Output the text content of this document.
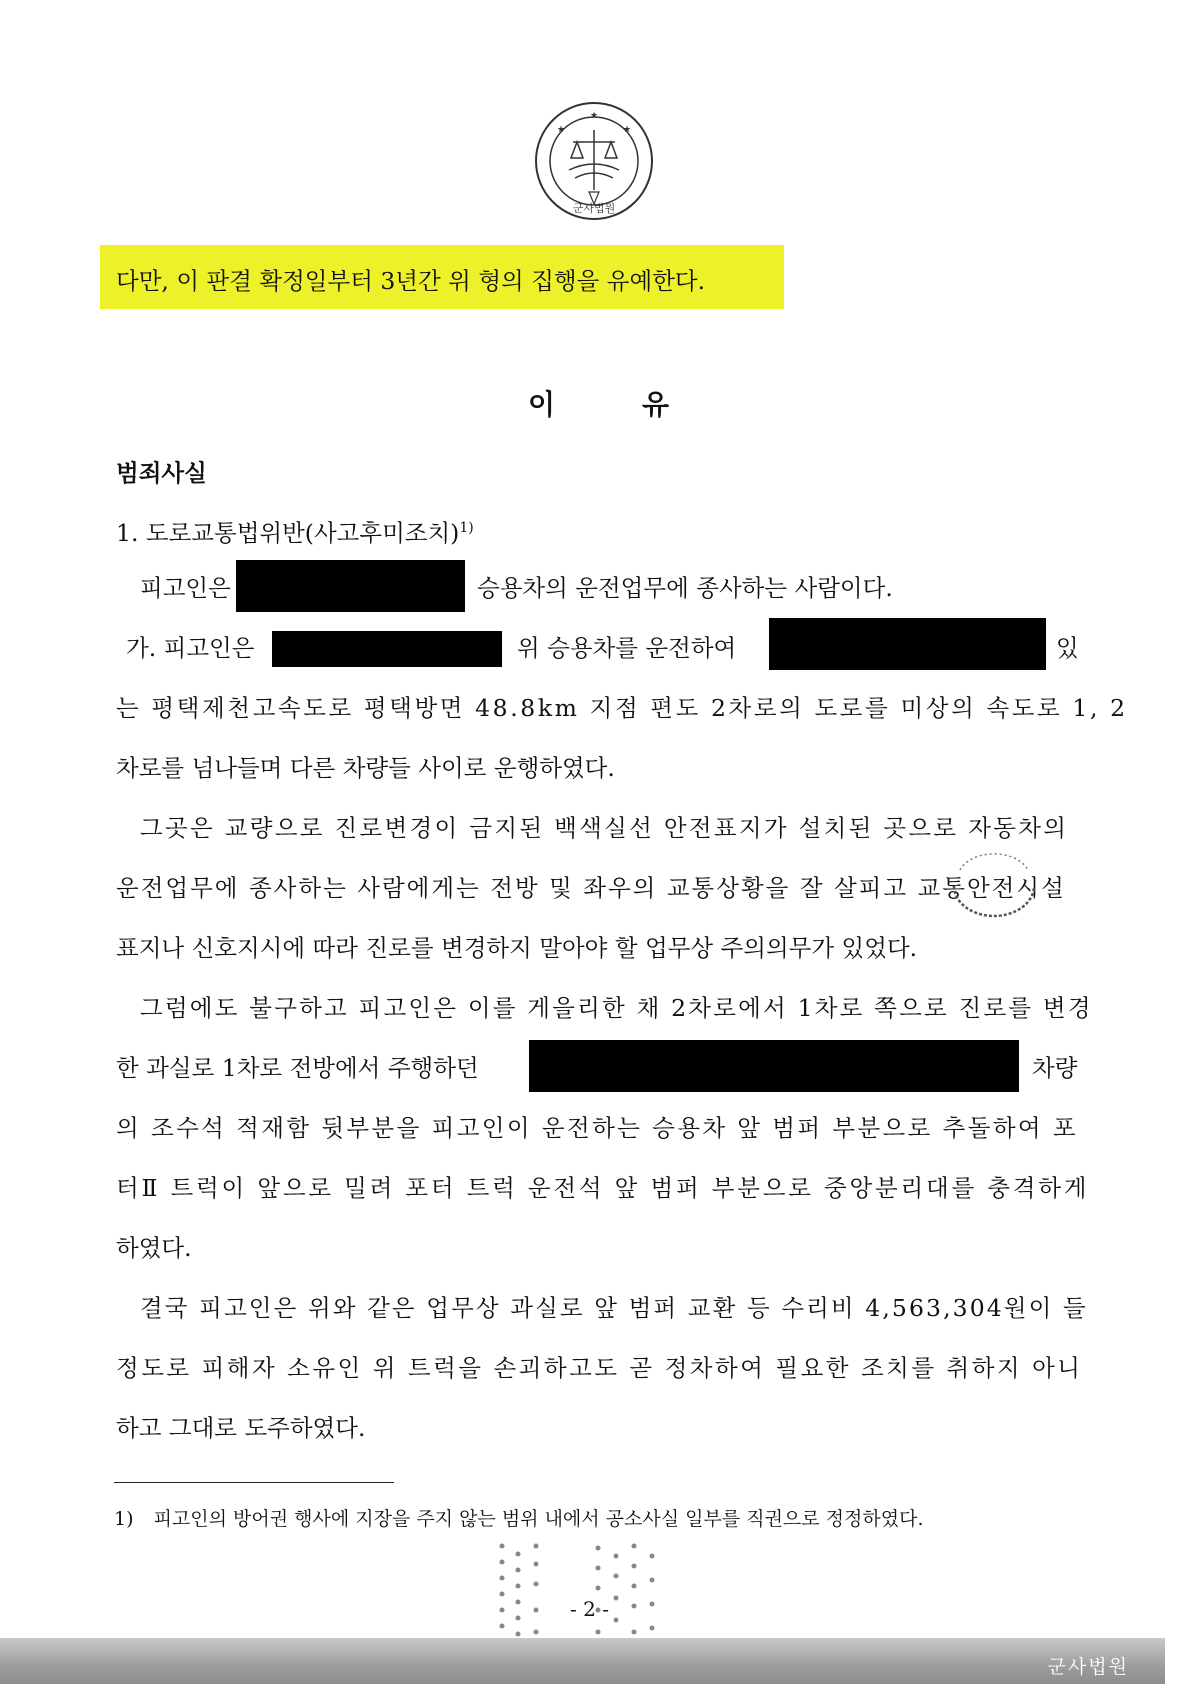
★
★	★
군사법원
다만, 이 판결 확정일부터 3년간 위 형의 집행을 유예한다.
이	유
범죄사실
1. 도로교통법위반(사고후미조치)$^{1)}$
피고인은	승용차의 운전업무에 종사하는 사람이다.
가. 피고인은	위 승용차를 운전하여	있
는 평택제천고속도로 평택방면 48.8km 지점 편도 2차로의 도로를 미상의 속도로 1, 2
차로를 넘나들며 다른 차량들 사이로 운행하였다.
그곳은 교량으로 진로변경이 금지된 백색실선 안전표지가 설치된 곳으로 자동차의
운전업무에 종사하는 사람에게는 전방 및 좌우의 교통상황을 잘 살피고 교통안전시설
표지나 신호지시에 따라 진로를 변경하지 말아야 할 업무상 주의의무가 있었다.
그럼에도 불구하고 피고인은 이를 게을리한 채 2차로에서 1차로 쪽으로 진로를 변경
한 과실로 1차로 전방에서 주행하던	차량
의 조수석 적재함 뒷부분을 피고인이 운전하는 승용차 앞 범퍼 부분으로 추돌하여 포
터Ⅱ 트럭이 앞으로 밀려 포터 트럭 운전석 앞 범퍼 부분으로 중앙분리대를 충격하게
하였다.
결국 피고인은 위와 같은 업무상 과실로 앞 범퍼 교환 등 수리비 4,563,304원이 들
정도로 피해자 소유인 위 트럭을 손괴하고도 곧 정차하여 필요한 조치를 취하지 아니
하고 그대로 도주하였다.
1) 피고인의 방어권 행사에 지장을 주지 않는 범위 내에서 공소사실 일부를 직권으로 정정하였다.
- 2 -
군사법원
